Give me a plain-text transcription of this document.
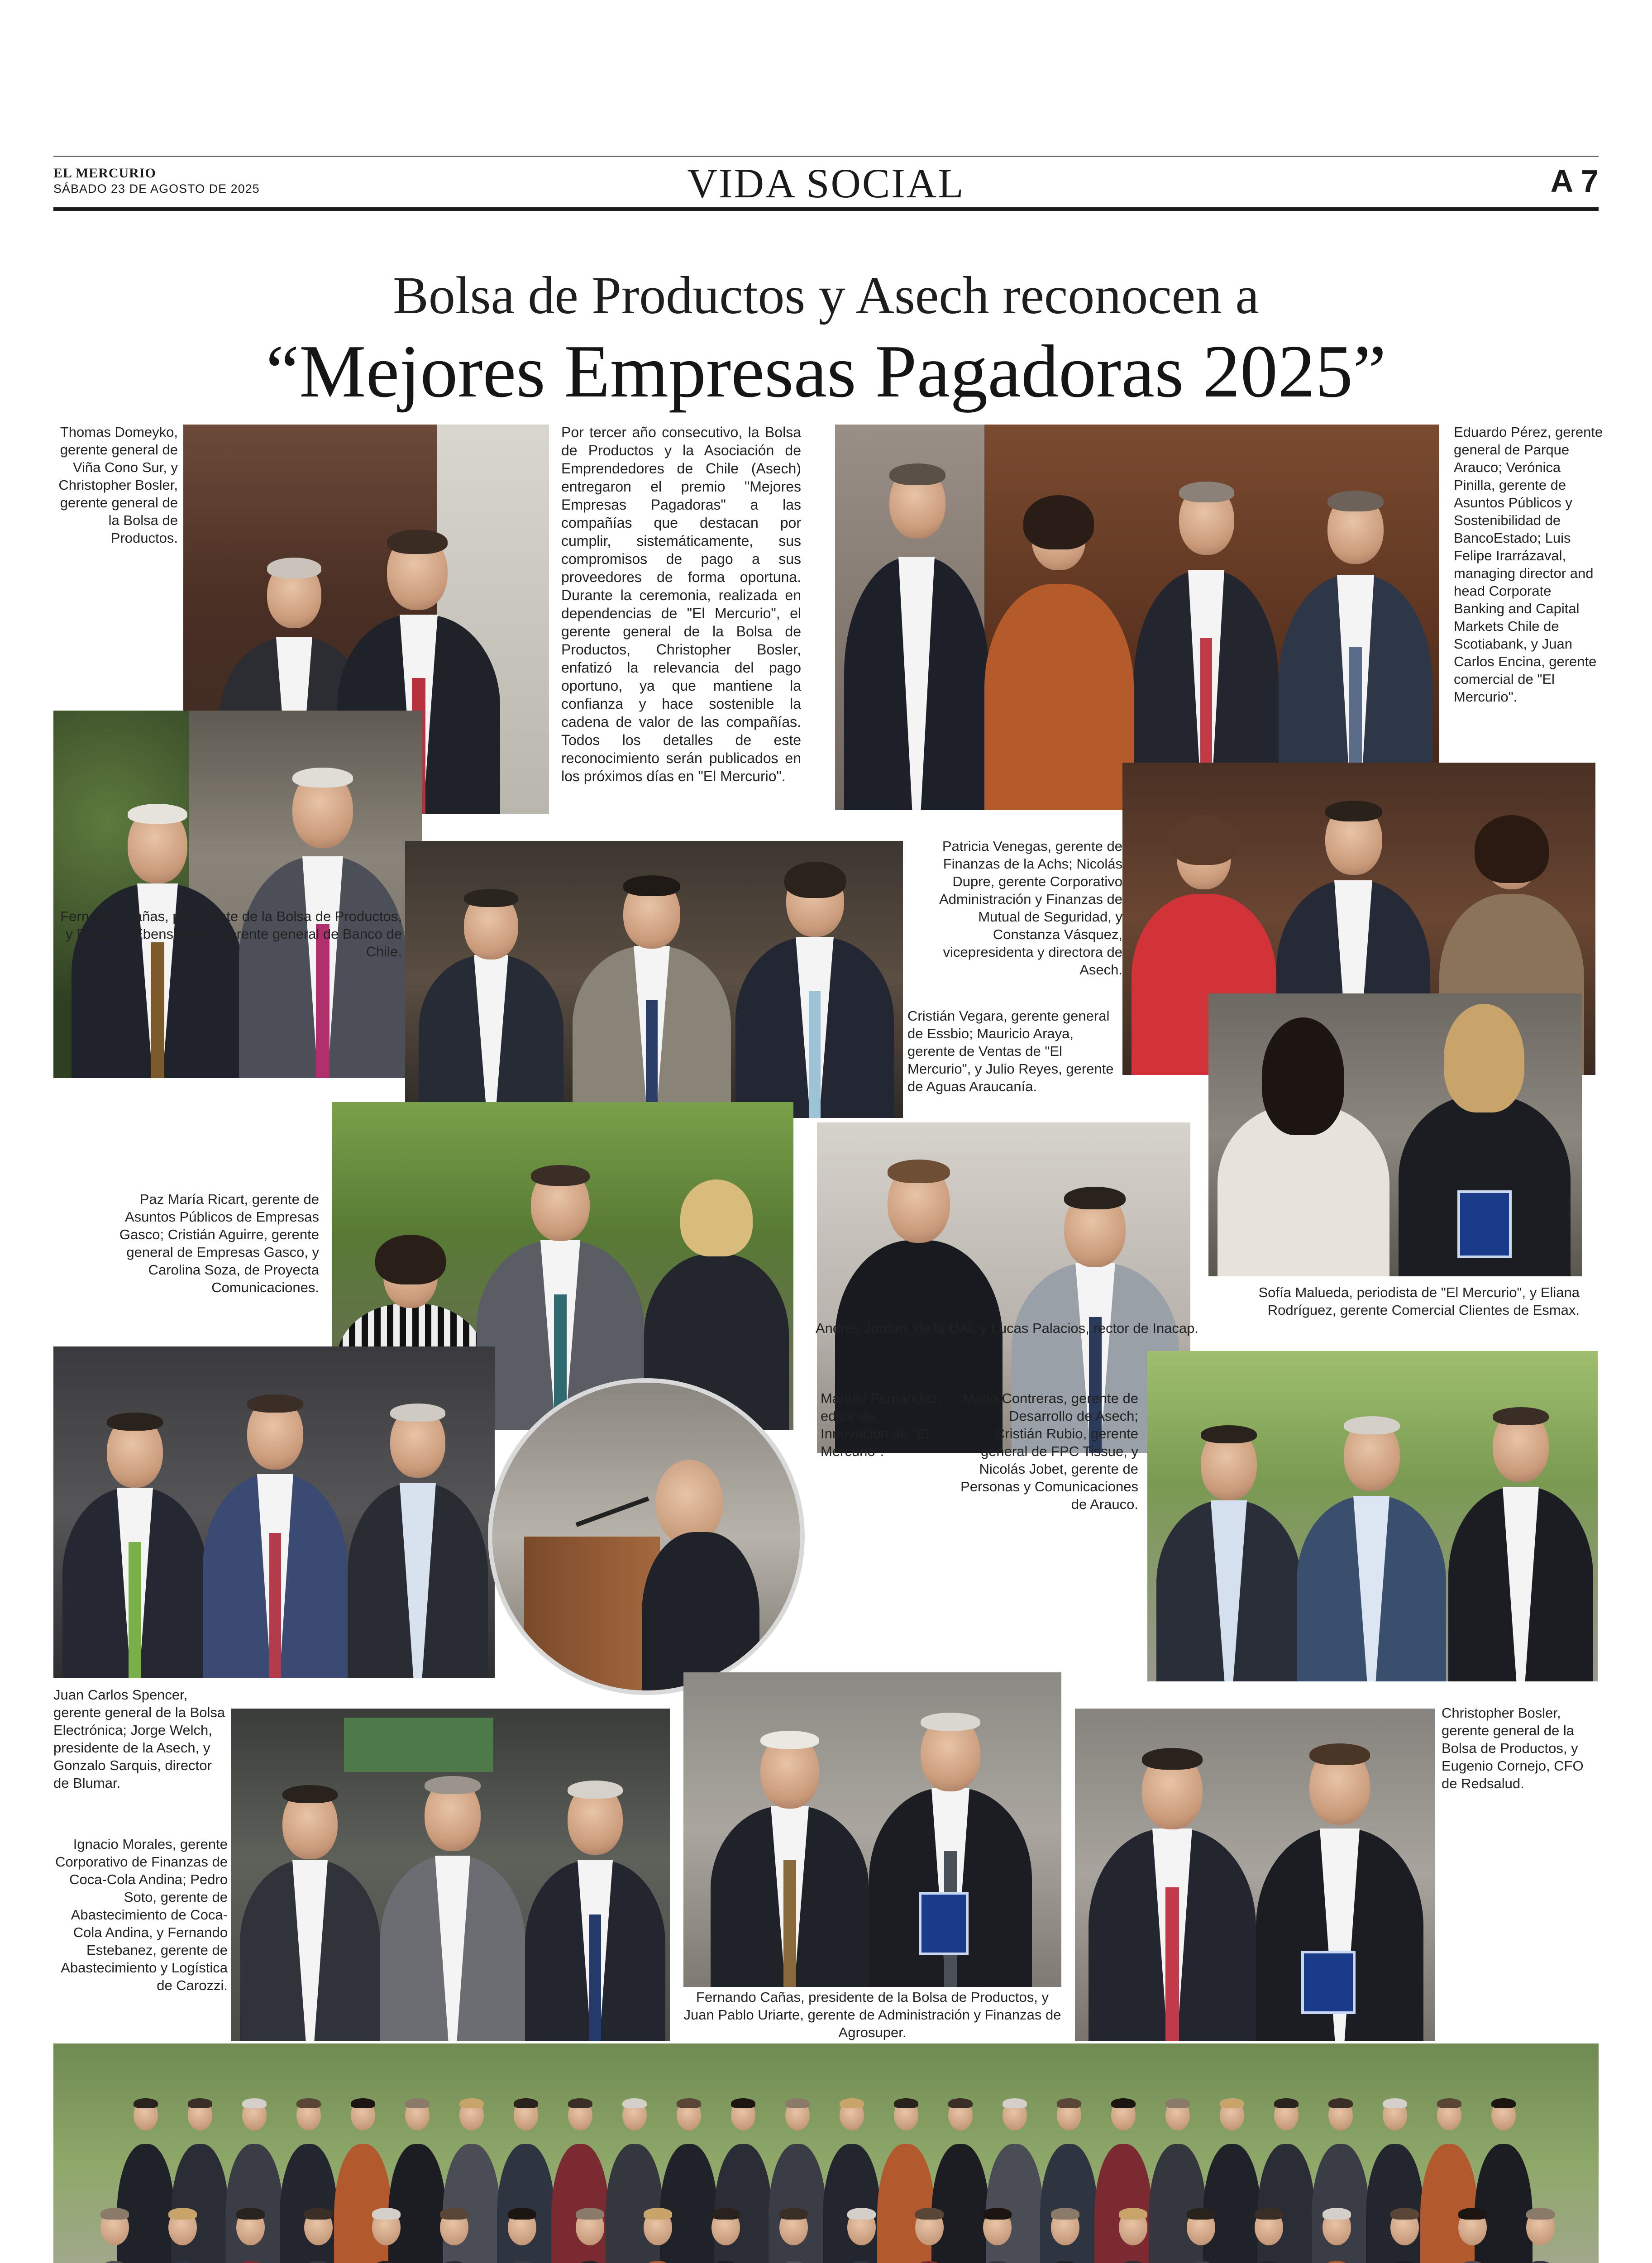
EL MERCURIO
SÁBADO 23 DE AGOSTO DE 2025	VIDA SOCIAL	A 7
Bolsa de Productos y Asech reconocen a
“Mejores Empresas Pagadoras 2025”
Thomas Domeyko, gerente general de Viña Cono Sur, y Christopher Bosler, gerente general de la Bolsa de Productos.
Por tercer año consecutivo, la Bolsa de Productos y la Asociación de Emprendedores de Chile (Asech) entregaron el premio "Mejores Empresas Pagadoras" a las compañías que destacan por cumplir, sistemáticamente, sus compromisos de pago a sus proveedores de forma oportuna. Durante la ceremonia, realizada en dependencias de "El Mercurio", el gerente general de la Bolsa de Productos, Christopher Bosler, enfatizó la relevancia del pago oportuno, ya que mantiene la confianza y hace sostenible la cadena de valor de las compañías. Todos los detalles de este reconocimiento serán publicados en los próximos días en "El Mercurio".
Eduardo Pérez, gerente general de Parque Arauco; Verónica Pinilla, gerente de Asuntos Públicos y Sostenibilidad de BancoEstado; Luis Felipe Irarrázaval, managing director and head Corporate Banking and Capital Markets Chile de Scotiabank, y Juan Carlos Encina, gerente comercial de "El Mercurio".
Patricia Venegas, gerente de Finanzas de la Achs; Nicolás Dupre, gerente Corporativo Administración y Finanzas de Mutual de Seguridad, y Constanza Vásquez, vicepresidenta y directora de Asech.
Cristián Vegara, gerente general de Essbio; Mauricio Araya, gerente de Ventas de "El Mercurio", y Julio Reyes, gerente de Aguas Araucanía.
Fernando Cañas, presidente de la Bolsa de Productos, y Eduardo Ebensperger, gerente general de Banco de Chile.
Paz María Ricart, gerente de Asuntos Públicos de Empresas Gasco; Cristián Aguirre, gerente general de Empresas Gasco, y Carolina Soza, de Proyecta Comunicaciones.	Sofía Malueda, periodista de "El Mercurio", y Eliana Rodríguez, gerente Comercial Clientes de Esmax.
Andrés Jordan, de la UAI, y Lucas Palacios, rector de Inacap.
Manuel Fernández, editor de Innovación de "El Mercurio".
Mario Contreras, gerente de Desarrollo de Asech; Cristián Rubio, gerente general de FPC Tissue, y Nicolás Jobet, gerente de Personas y Comunicaciones de Arauco.
Juan Carlos Spencer, gerente general de la Bolsa Electrónica; Jorge Welch, presidente de la Asech, y Gonzalo Sarquis, director de Blumar.
Ignacio Morales, gerente Corporativo de Finanzas de Coca-Cola Andina; Pedro Soto, gerente de Abastecimiento de Coca-Cola Andina, y Fernando Estebanez, gerente de Abastecimiento y Logística de Carozzi.
Fernando Cañas, presidente de la Bolsa de Productos, y Juan Pablo Uriarte, gerente de Administración y Finanzas de Agrosuper.
Christopher Bosler, gerente general de la Bolsa de Productos, y Eugenio Cornejo, CFO de Redsalud.
